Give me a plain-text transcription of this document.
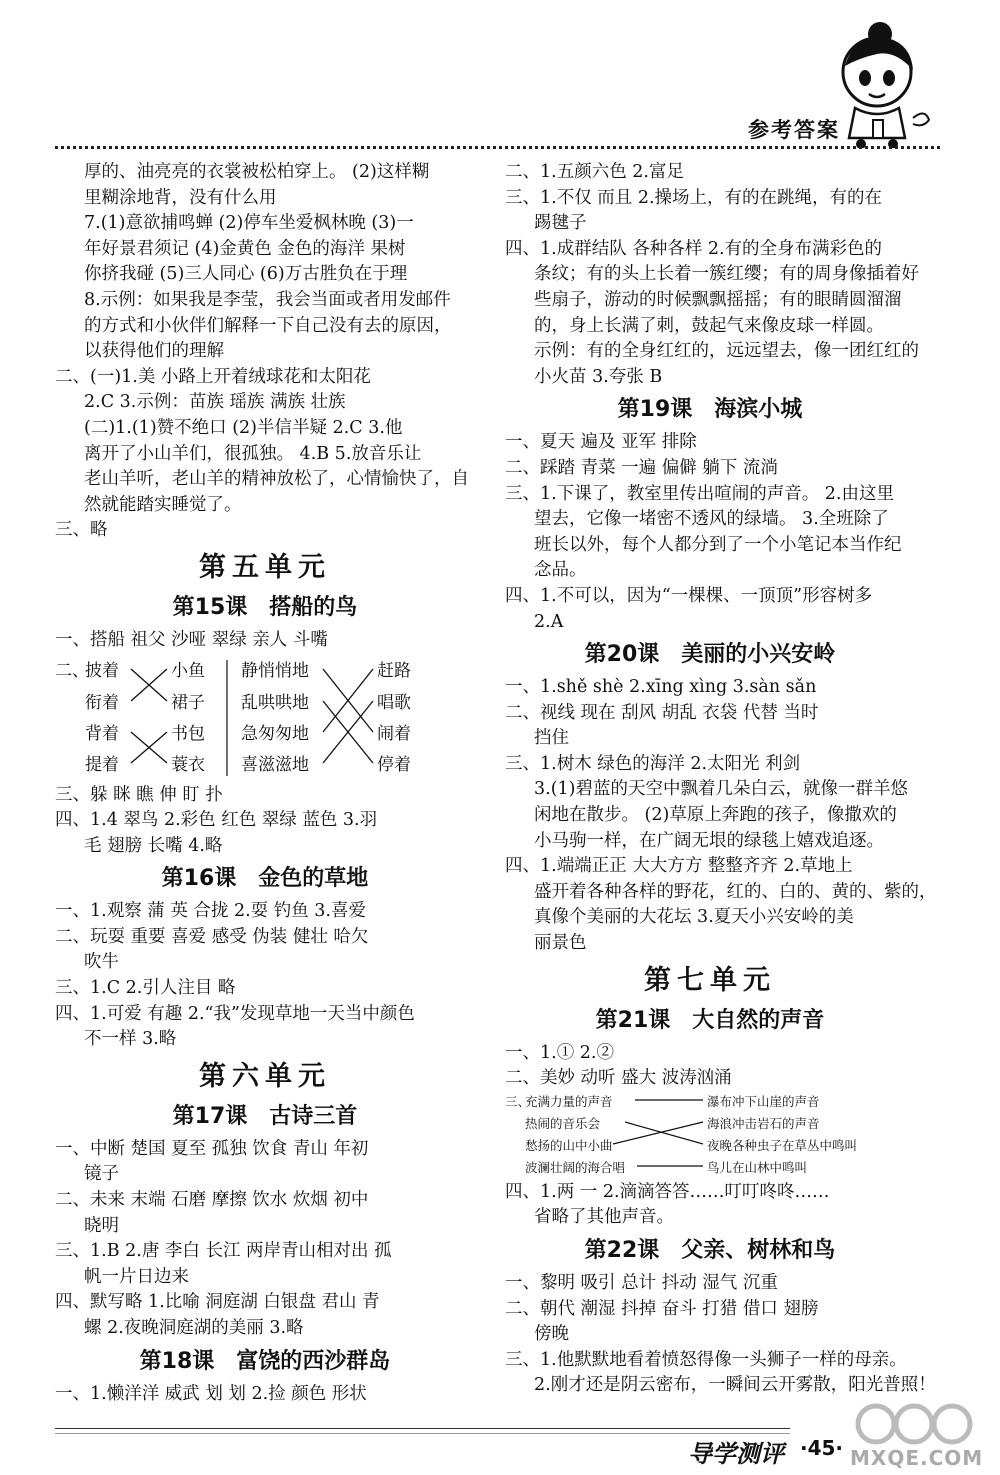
参考答案
厚的、油亮亮的衣裳被松柏穿上。 (2)这样糊
里糊涂地背，没有什么用
7.(1)意欲捕鸣蝉 (2)停车坐爱枫林晚 (3)一
年好景君须记 (4)金黄色 金色的海洋 果树
你挤我碰 (5)三人同心 (6)万古胜负在于理
8.示例：如果我是李莹，我会当面或者用发邮件
的方式和小伙伴们解释一下自己没有去的原因，
以获得他们的理解
二、(一)1.美 小路上开着绒球花和太阳花
2.C 3.示例：苗族 瑶族 满族 壮族
(二)1.(1)赞不绝口 (2)半信半疑 2.C 3.他
离开了小山羊们，很孤独。 4.B 5.放音乐让
老山羊听，老山羊的精神放松了，心情愉快了，自
然就能踏实睡觉了。
三、略
第五单元
第15课 搭船的鸟
一、搭船 祖父 沙哑 翠绿 亲人 斗嘴
二、
披着
衔着
背着
提着
小鱼
裙子
书包
蓑衣
静悄悄地
乱哄哄地
急匆匆地
喜滋滋地
赶路
唱歌
闹着
停着
三、躲 眯 瞧 伸 盯 扑
四、1.4 翠鸟 2.彩色 红色 翠绿 蓝色 3.羽
毛 翅膀 长嘴 4.略
第16课 金色的草地
一、1.观察 蒲 英 合拢 2.耍 钓鱼 3.喜爱
二、玩耍 重要 喜爱 感受 伪装 健壮 哈欠
吹牛
三、1.C 2.引人注目 略
四、1.可爱 有趣 2.“我”发现草地一天当中颜色
不一样 3.略
第六单元
第17课 古诗三首
一、中断 楚国 夏至 孤独 饮食 青山 年初
镜子
二、未来 末端 石磨 摩擦 饮水 炊烟 初中
晓明
三、1.B 2.唐 李白 长江 两岸青山相对出 孤
帆一片日边来
四、默写略 1.比喻 洞庭湖 白银盘 君山 青
螺 2.夜晚洞庭湖的美丽 3.略
第18课 富饶的西沙群岛
一、1.懒洋洋 威武 划 划 2.捡 颜色 形状
二、1.五颜六色 2.富足
三、1.不仅 而且 2.操场上，有的在跳绳，有的在
踢毽子
四、1.成群结队 各种各样 2.有的全身布满彩色的
条纹；有的头上长着一簇红缨；有的周身像插着好
些扇子，游动的时候飘飘摇摇；有的眼睛圆溜溜
的，身上长满了刺，鼓起气来像皮球一样圆。
示例：有的全身红红的，远远望去，像一团红红的
小火苗 3.夸张 B
第19课 海滨小城
一、夏天 遍及 亚军 排除
二、踩踏 青菜 一遍 偏僻 躺下 流淌
三、1.下课了，教室里传出喧闹的声音。 2.由这里
望去，它像一堵密不透风的绿墙。 3.全班除了
班长以外，每个人都分到了一个小笔记本当作纪
念品。
四、1.不可以，因为“一棵棵、一顶顶”形容树多
2.A
第20课 美丽的小兴安岭
一、1.shě shè 2.xīng xìng 3.sàn sǎn
二、视线 现在 刮风 胡乱 衣袋 代替 当时
挡住
三、1.树木 绿色的海洋 2.太阳光 利剑
3.(1)碧蓝的天空中飘着几朵白云，就像一群羊悠
闲地在散步。 (2)草原上奔跑的孩子，像撒欢的
小马驹一样，在广阔无垠的绿毯上嬉戏追逐。
四、1.端端正正 大大方方 整整齐齐 2.草地上
盛开着各种各样的野花，红的、白的、黄的、紫的，
真像个美丽的大花坛 3.夏天小兴安岭的美
丽景色
第七单元
第21课 大自然的声音
一、1.① 2.②
二、美妙 动听 盛大 波涛汹涌
三、
充满力量的声音
热闹的音乐会
愁扬的山中小曲
波澜壮阔的海合唱
瀑布冲下山崖的声音
海浪冲击岩石的声音
夜晚各种虫子在草丛中鸣叫
鸟儿在山林中鸣叫
四、1.两 一 2.滴滴答答……叮叮咚咚……
省略了其他声音。
第22课 父亲、树林和鸟
一、黎明 吸引 总计 抖动 湿气 沉重
二、朝代 潮湿 抖掉 奋斗 打猎 借口 翅膀
傍晚
三、1.他默默地看着愤怒得像一头狮子一样的母亲。
2.刚才还是阴云密布，一瞬间云开雾散，阳光普照！
导学测评 ·45· MXQE.COM
